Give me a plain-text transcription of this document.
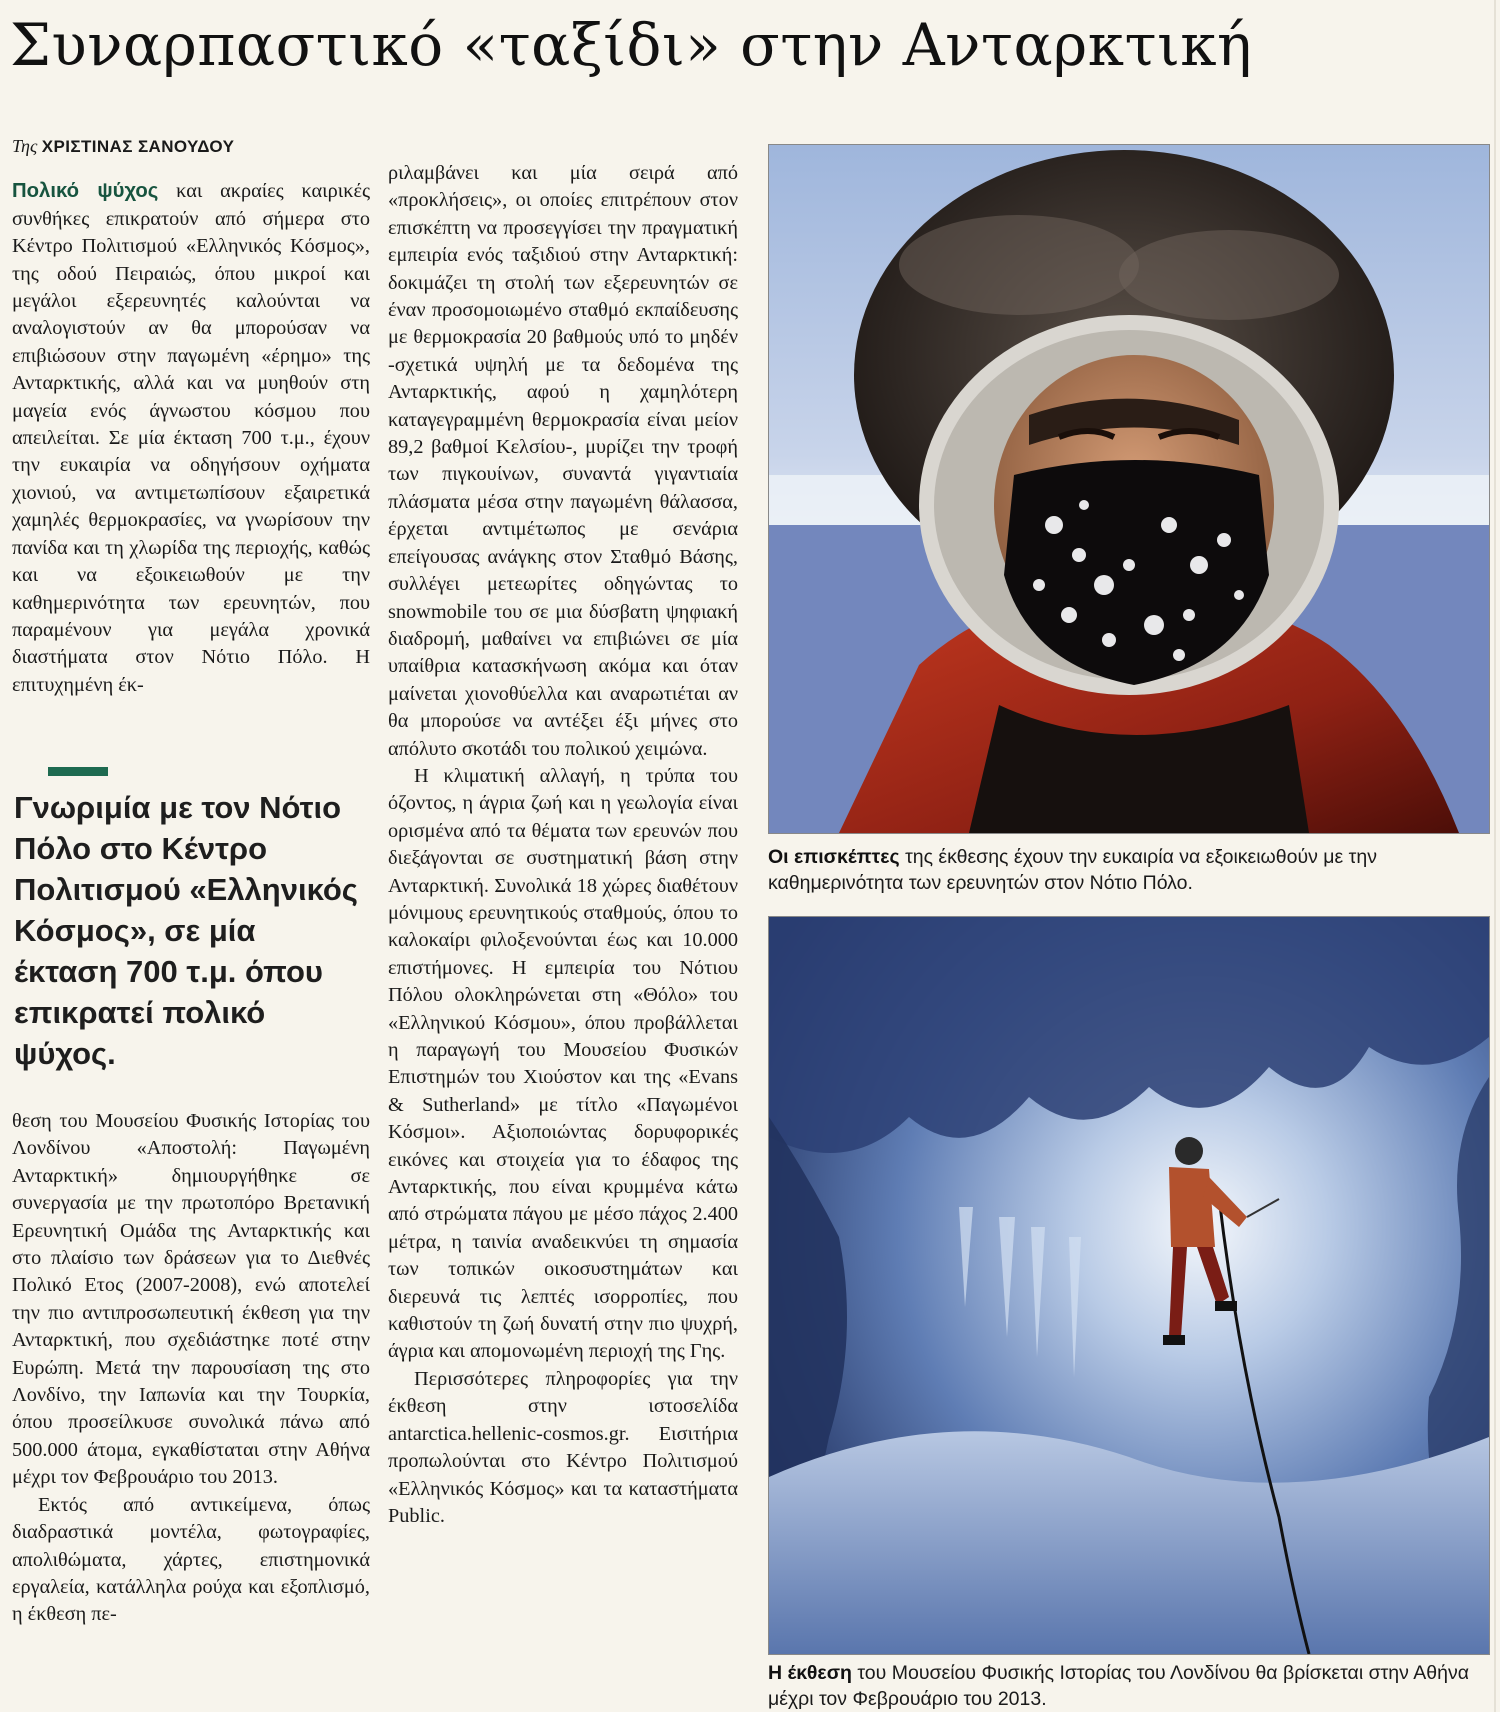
Συναρπαστικό «ταξίδι» στην Ανταρκτική
Της ΧΡΙΣΤΙΝΑΣ ΣΑΝΟΥΔΟΥ

Πολικό ψύχος και ακραίες καιρικές συνθήκες επικρατούν από σήμερα στο Κέντρο Πολιτισμού «Ελληνικός Κόσμος», της οδού Πειραιώς, όπου μικροί και μεγάλοι εξερευνητές καλούνται να αναλογιστούν αν θα μπορούσαν να επιβιώσουν στην παγωμένη «έρημο» της Ανταρκτικής, αλλά και να μυηθούν στη μαγεία ενός άγνωστου κόσμου που απειλείται. Σε μία έκταση 700 τ.μ., έχουν την ευκαιρία να οδηγήσουν οχήματα χιονιού, να αντιμετωπίσουν εξαιρετικά χαμηλές θερμοκρασίες, να γνωρίσουν την πανίδα και τη χλωρίδα της περιοχής, καθώς και να εξοικειωθούν με την καθημερινότητα των ερευνητών, που παραμένουν για μεγάλα χρονικά διαστήματα στον Νότιο Πόλο. Η επιτυχημένη έκ-

Γνωριμία με τον Νότιο Πόλο στο Κέντρο Πολιτισμού «Ελληνικός Κόσμος», σε μία έκταση 700 τ.μ. όπου επικρατεί πολικό ψύχος.

θεση του Μουσείου Φυσικής Ιστορίας του Λονδίνου «Αποστολή: Παγωμένη Ανταρκτική» δημιουργήθηκε σε συνεργασία με την πρωτοπόρο Βρετανική Ερευνητική Ομάδα της Ανταρκτικής και στο πλαίσιο των δράσεων για το Διεθνές Πολικό Ετος (2007-2008), ενώ αποτελεί την πιο αντιπροσωπευτική έκθεση για την Ανταρκτική, που σχεδιάστηκε ποτέ στην Ευρώπη. Μετά την παρουσίαση της στο Λονδίνο, την Ιαπωνία και την Τουρκία, όπου προσείλκυσε συνολικά πάνω από 500.000 άτομα, εγκαθίσταται στην Αθήνα μέχρι τον Φεβρουάριο του 2013.

Εκτός από αντικείμενα, όπως διαδραστικά μοντέλα, φωτογραφίες, απολιθώματα, χάρτες, επιστημονικά εργαλεία, κατάλληλα ρούχα και εξοπλισμό, η έκθεση πε-

ριλαμβάνει και μία σειρά από «προκλήσεις», οι οποίες επιτρέπουν στον επισκέπτη να προσεγγίσει την πραγματική εμπειρία ενός ταξιδιού στην Ανταρκτική: δοκιμάζει τη στολή των εξερευνητών σε έναν προσομοιωμένο σταθμό εκπαίδευσης με θερμοκρασία 20 βαθμούς υπό το μηδέν -σχετικά υψηλή με τα δεδομένα της Ανταρκτικής, αφού η χαμηλότερη καταγεγραμμένη θερμοκρασία είναι μείον 89,2 βαθμοί Κελσίου-, μυρίζει την τροφή των πιγκουίνων, συναντά γιγαντιαία πλάσματα μέσα στην παγωμένη θάλασσα, έρχεται αντιμέτωπος με σενάρια επείγουσας ανάγκης στον Σταθμό Βάσης, συλλέγει μετεωρίτες οδηγώντας το snowmobile του σε μια δύσβατη ψηφιακή διαδρομή, μαθαίνει να επιβιώνει σε μία υπαίθρια κατασκήνωση ακόμα και όταν μαίνεται χιονοθύελλα και αναρωτιέται αν θα μπορούσε να αντέξει έξι μήνες στο απόλυτο σκοτάδι του πολικού χειμώνα.

Η κλιματική αλλαγή, η τρύπα του όζοντος, η άγρια ζωή και η γεωλογία είναι ορισμένα από τα θέματα των ερευνών που διεξάγονται σε συστηματική βάση στην Ανταρκτική. Συνολικά 18 χώρες διαθέτουν μόνιμους ερευνητικούς σταθμούς, όπου το καλοκαίρι φιλοξενούνται έως και 10.000 επιστήμονες. Η εμπειρία του Νότιου Πόλου ολοκληρώνεται στη «Θόλο» του «Ελληνικού Κόσμου», όπου προβάλλεται η παραγωγή του Μουσείου Φυσικών Επιστημών του Χιούστον και της «Evans & Sutherland» με τίτλο «Παγωμένοι Κόσμοι». Αξιοποιώντας δορυφορικές εικόνες και στοιχεία για το έδαφος της Ανταρκτικής, που είναι κρυμμένα κάτω από στρώματα πάγου με μέσο πάχος 2.400 μέτρα, η ταινία αναδεικνύει τη σημασία των τοπικών οικοσυστημάτων και διερευνά τις λεπτές ισορροπίες, που καθιστούν τη ζωή δυνατή στην πιο ψυχρή, άγρια και απομονωμένη περιοχή της Γης.

Περισσότερες πληροφορίες για την έκθεση στην ιστοσελίδα antarctica.hellenic-cosmos.gr. Εισιτήρια προπωλούνται στο Κέντρο Πολιτισμού «Ελληνικός Κόσμος» και τα καταστήματα Public.

Οι επισκέπτες της έκθεσης έχουν την ευκαιρία να εξοικειωθούν με την καθημερινότητα των ερευνητών στον Νότιο Πόλο.
Η έκθεση του Μουσείου Φυσικής Ιστορίας του Λονδίνου θα βρίσκεται στην Αθήνα μέχρι τον Φεβρουάριο του 2013.
